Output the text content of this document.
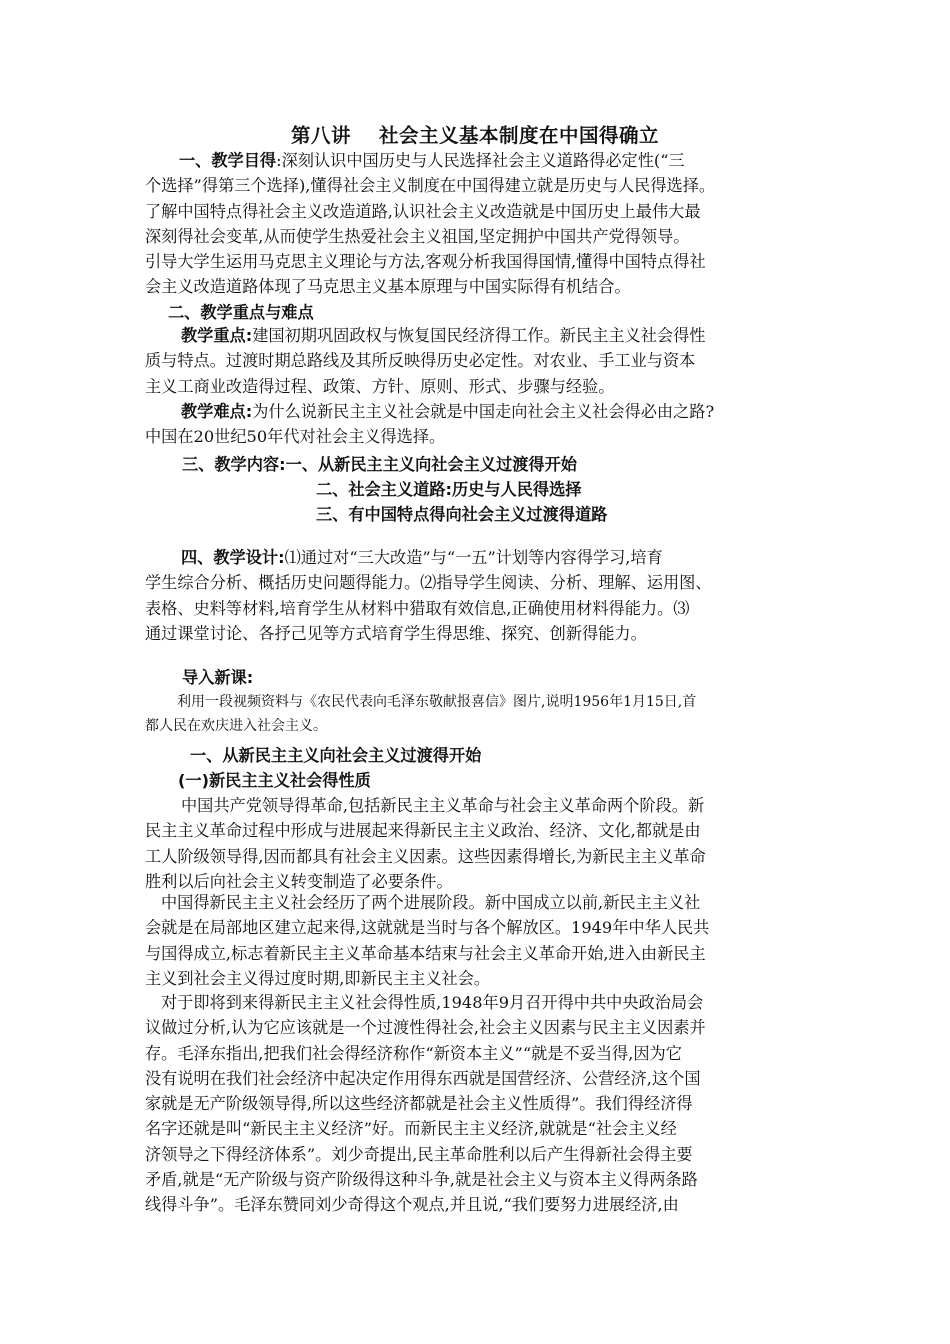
第八讲 社会主义基本制度在中国得确立
一、教学目得:深刻认识中国历史与人民选择社会主义道路得必定性(“三
个选择”得第三个选择),懂得社会主义制度在中国得建立就是历史与人民得选择。
了解中国特点得社会主义改造道路,认识社会主义改造就是中国历史上最伟大最
深刻得社会变革,从而使学生热爱社会主义祖国,坚定拥护中国共产党得领导。
引导大学生运用马克思主义理论与方法,客观分析我国得国情,懂得中国特点得社
会主义改造道路体现了马克思主义基本原理与中国实际得有机结合。
二、教学重点与难点
教学重点:建国初期巩固政权与恢复国民经济得工作。新民主主义社会得性
质与特点。过渡时期总路线及其所反映得历史必定性。对农业、手工业与资本
主义工商业改造得过程、政策、方针、原则、形式、步骤与经验。
教学难点:为什么说新民主主义社会就是中国走向社会主义社会得必由之路?
中国在20世纪50年代对社会主义得选择。
三、教学内容:一、从新民主主义向社会主义过渡得开始
二、社会主义道路:历史与人民得选择
三、有中国特点得向社会主义过渡得道路
四、教学设计:⑴通过对“三大改造”与“一五”计划等内容得学习,培育
学生综合分析、概括历史问题得能力。⑵指导学生阅读、分析、理解、运用图、
表格、史料等材料,培育学生从材料中猎取有效信息,正确使用材料得能力。⑶
通过课堂讨论、各抒己见等方式培育学生得思维、探究、创新得能力。
导入新课:
利用一段视频资料与《农民代表向毛泽东敬献报喜信》图片,说明1956年1月15日,首
都人民在欢庆进入社会主义。
一、从新民主主义向社会主义过渡得开始
(一)新民主主义社会得性质
中国共产党领导得革命,包括新民主主义革命与社会主义革命两个阶段。新
民主主义革命过程中形成与进展起来得新民主主义政治、经济、文化,都就是由
工人阶级领导得,因而都具有社会主义因素。这些因素得增长,为新民主主义革命
胜利以后向社会主义转变制造了必要条件。
中国得新民主主义社会经历了两个进展阶段。新中国成立以前,新民主主义社
会就是在局部地区建立起来得,这就就是当时与各个解放区。1949年中华人民共
与国得成立,标志着新民主主义革命基本结束与社会主义革命开始,进入由新民主
主义到社会主义得过度时期,即新民主主义社会。
对于即将到来得新民主主义社会得性质,1948年9月召开得中共中央政治局会
议做过分析,认为它应该就是一个过渡性得社会,社会主义因素与民主主义因素并
存。毛泽东指出,把我们社会得经济称作“新资本主义”“就是不妥当得,因为它
没有说明在我们社会经济中起决定作用得东西就是国营经济、公营经济,这个国
家就是无产阶级领导得,所以这些经济都就是社会主义性质得”。我们得经济得
名字还就是叫“新民主主义经济”好。而新民主主义经济,就就是“社会主义经
济领导之下得经济体系”。刘少奇提出,民主革命胜利以后产生得新社会得主要
矛盾,就是“无产阶级与资产阶级得这种斗争,就是社会主义与资本主义得两条路
线得斗争”。毛泽东赞同刘少奇得这个观点,并且说,“我们要努力进展经济,由
